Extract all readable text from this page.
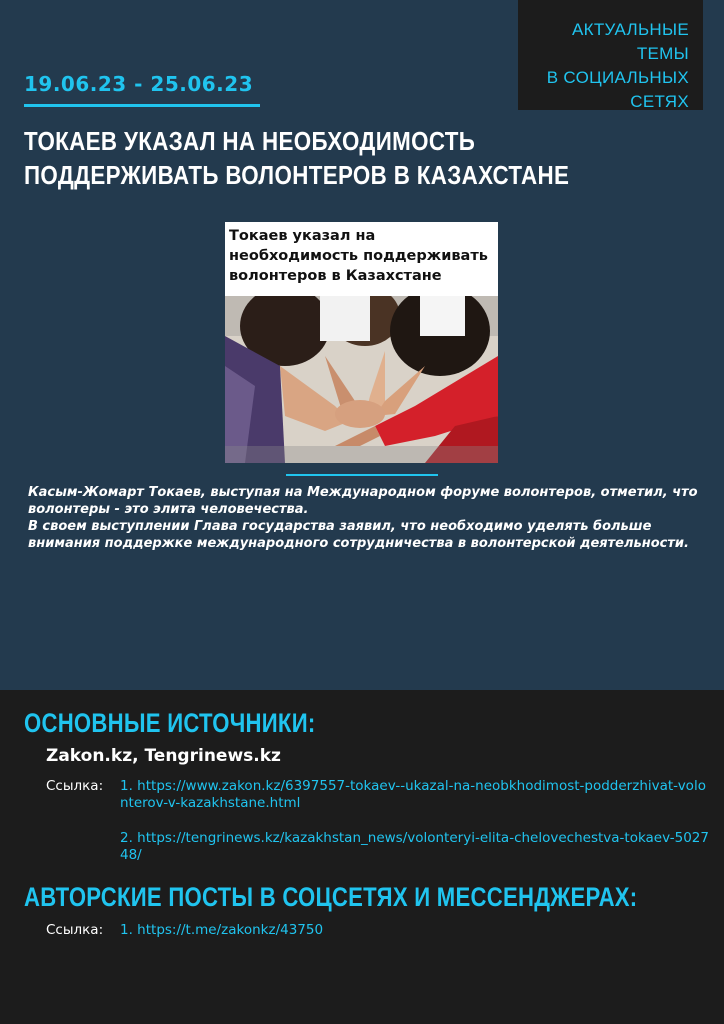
АКТУАЛЬНЫЕ ТЕМЫ
В СОЦИАЛЬНЫХ
СЕТЯХ
19.06.23 - 25.06.23
ТОКАЕВ УКАЗАЛ НА НЕОБХОДИМОСТЬ ПОДДЕРЖИВАТЬ ВОЛОНТЕРОВ В КАЗАХСТАНЕ
Токаев указал на необходимость поддерживать волонтеров в Казахстане

Касым-Жомарт Токаев, выступая на Международном форуме волонтеров, отметил, что волонтеры - это элита человечества.

В своем выступлении Глава государства заявил, что необходимо уделять больше внимания поддержке международного сотрудничества в волонтерской деятельности.

ОСНОВНЫЕ ИСТОЧНИКИ:
Zakon.kz, Tengrinews.kz
Ссылка: 1. https://www.zakon.kz/6397557-tokaev--ukazal-na-neobkhodimost-podderzhivat-volonterov-v-kazakhstane.html
2. https://tengrinews.kz/kazakhstan_news/volonteryi-elita-chelovechestva-tokaev-502748/
АВТОРСКИЕ ПОСТЫ В СОЦСЕТЯХ И МЕССЕНДЖЕРАХ:
Ссылка: 1. https://t.me/zakonkz/43750
